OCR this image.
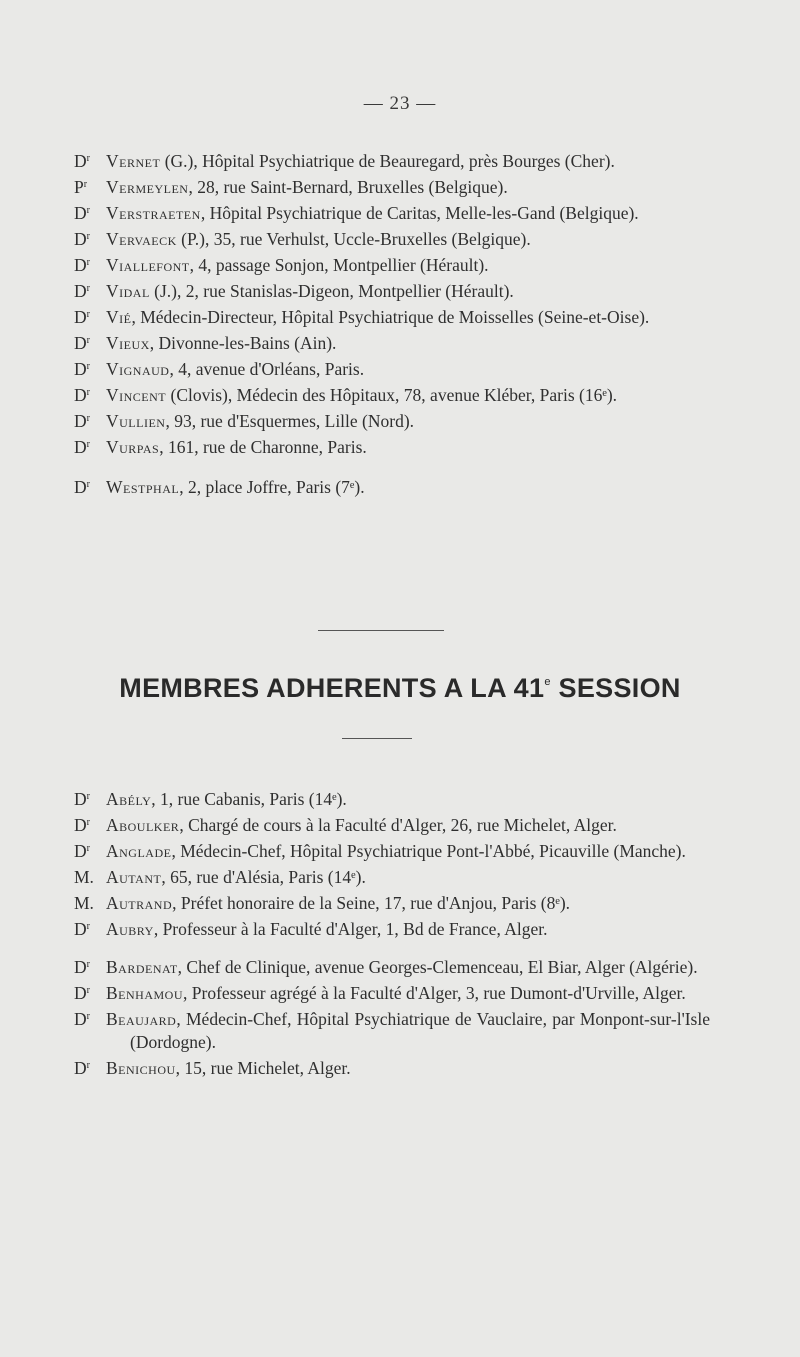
— 23 —
$D^r$ Vernet (G.), Hôpital Psychiatrique de Beauregard, près Bourges (Cher).
$P^r$ Vermeylen, 28, rue Saint-Bernard, Bruxelles (Belgique).
$D^r$ Verstraeten, Hôpital Psychiatrique de Caritas, Melle-les-Gand (Belgique).
$D^r$ Vervaeck (P.), 35, rue Verhulst, Uccle-Bruxelles (Belgique).
$D^r$ Viallefont, 4, passage Sonjon, Montpellier (Hérault).
$D^r$ Vidal (J.), 2, rue Stanislas-Digeon, Montpellier (Hérault).
$D^r$ Vié, Médecin-Directeur, Hôpital Psychiatrique de Moisselles (Seine-et-Oise).
$D^r$ Vieux, Divonne-les-Bains (Ain).
$D^r$ Vignaud, 4, avenue d'Orléans, Paris.
$D^r$ Vincent (Clovis), Médecin des Hôpitaux, 78, avenue Kléber, Paris (16ᵉ).
$D^r$ Vullien, 93, rue d'Esquermes, Lille (Nord).
$D^r$ Vurpas, 161, rue de Charonne, Paris.
$D^r$ Westphal, 2, place Joffre, Paris (7ᵉ).
MEMBRES ADHERENTS A LA 41e SESSION
$D^r$ Abély, 1, rue Cabanis, Paris (14ᵉ).
$D^r$ Aboulker, Chargé de cours à la Faculté d'Alger, 26, rue Michelet, Alger.
$D^r$ Anglade, Médecin-Chef, Hôpital Psychiatrique Pont-l'Abbé, Picauville (Manche).
M. Autant, 65, rue d'Alésia, Paris (14ᵉ).
M. Autrand, Préfet honoraire de la Seine, 17, rue d'Anjou, Paris (8ᵉ).
$D^r$ Aubry, Professeur à la Faculté d'Alger, 1, Bd de France, Alger.
$D^r$ Bardenat, Chef de Clinique, avenue Georges-Clemenceau, El Biar, Alger (Algérie).
$D^r$ Benhamou, Professeur agrégé à la Faculté d'Alger, 3, rue Dumont-d'Urville, Alger.
$D^r$ Beaujard, Médecin-Chef, Hôpital Psychiatrique de Vauclaire, par Monpont-sur-l'Isle (Dordogne).
$D^r$ Benichou, 15, rue Michelet, Alger.
